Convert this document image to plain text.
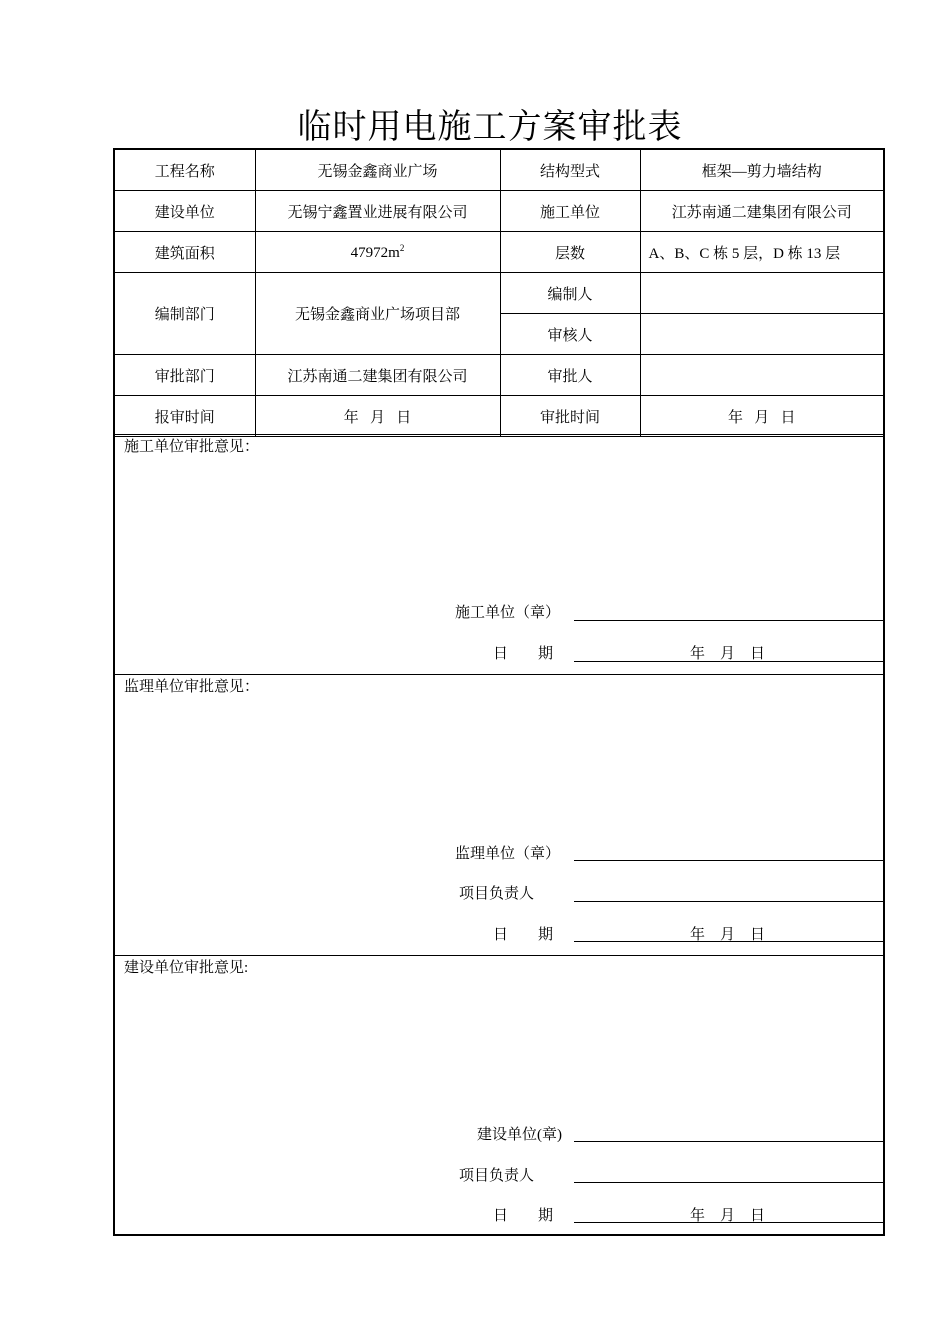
临时用电施工方案审批表
工程名称	无锡金鑫商业广场	结构型式	框架—剪力墙结构
建设单位	无锡宁鑫置业进展有限公司	施工单位	江苏南通二建集团有限公司
建筑面积	$47972m^2$	层数	A、B、C 栋 5 层，D 栋 13 层
编制部门	无锡金鑫商业广场项目部	编制人	
		审核人	
审批部门	江苏南通二建集团有限公司	审批人	
报审时间	年   月   日	审批时间	年   月   日
施工单位审批意见：
施工单位（章）
日        期	年    月    日
监理单位审批意见：
监理单位（章）
项目负责人
日        期	年    月    日
建设单位审批意见:
建设单位(章)
项目负责人
日        期	年    月    日
